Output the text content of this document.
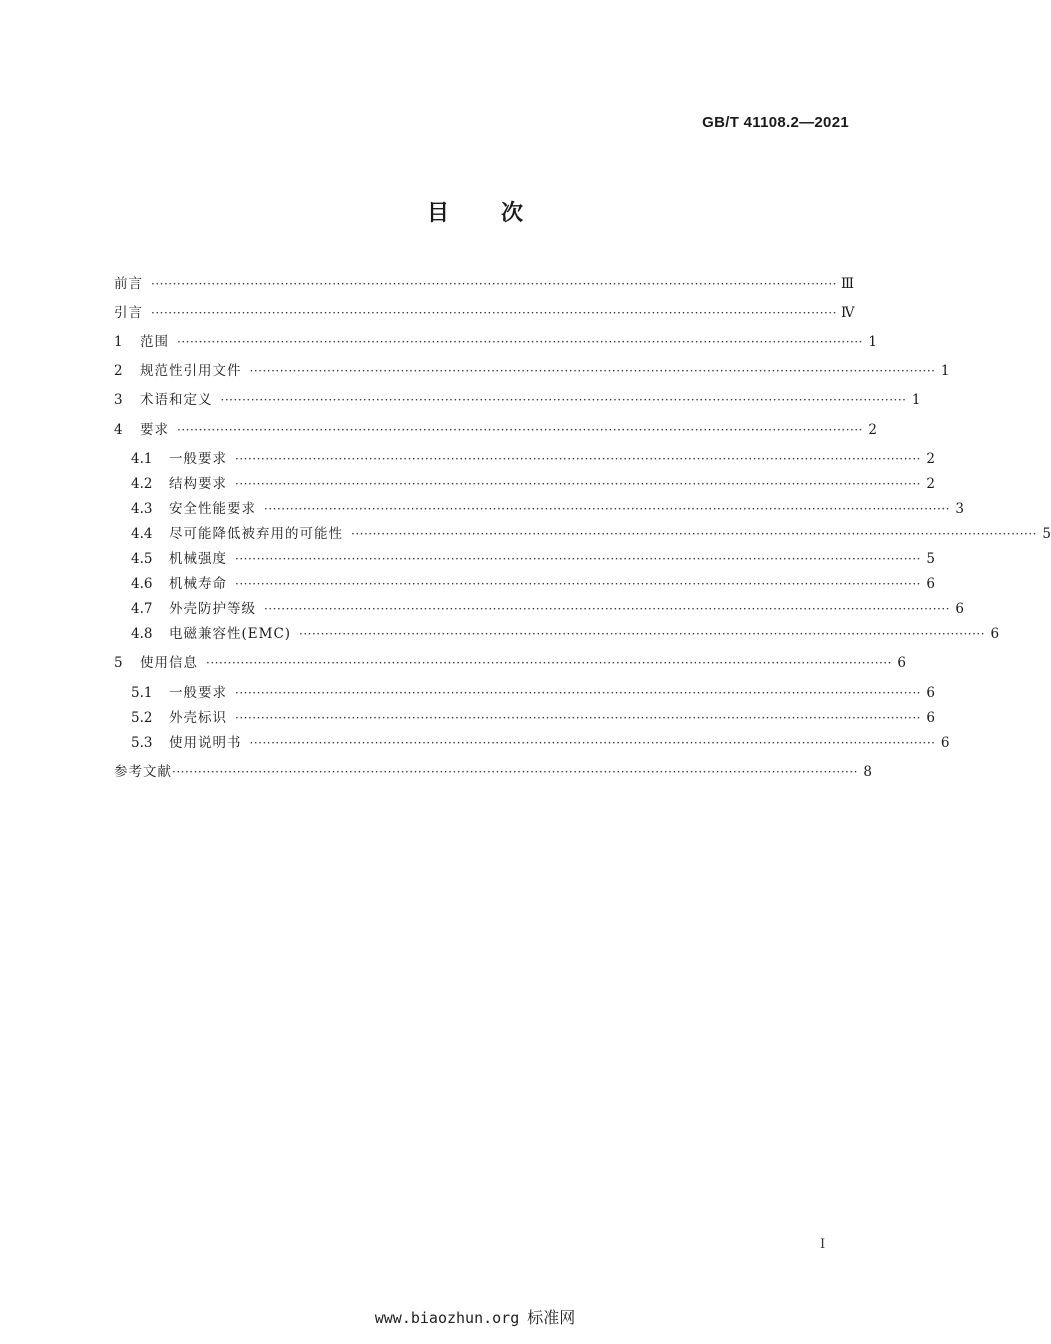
GB/T 41108.2—2021
目次
前言 ······························································································································································· Ⅲ
引言 ······························································································································································· Ⅳ
1	范围 ······························································································································································· 1
2	规范性引用文件 ······························································································································································· 1
3	术语和定义 ······························································································································································· 1
4	要求 ······························································································································································· 2
4.1	一般要求 ······························································································································································· 2
4.2	结构要求 ······························································································································································· 2
4.3	安全性能要求 ······························································································································································· 3
4.4	尽可能降低被弃用的可能性 ······························································································································································· 5
4.5	机械强度 ······························································································································································· 5
4.6	机械寿命 ······························································································································································· 6
4.7	外壳防护等级 ······························································································································································· 6
4.8	电磁兼容性(EMC) ······························································································································································· 6
5	使用信息 ······························································································································································· 6
5.1	一般要求 ······························································································································································· 6
5.2	外壳标识 ······························································································································································· 6
5.3	使用说明书 ······························································································································································· 6
参考文献 ······························································································································································· 8
Ⅰ
www.biaozhun.org 标准网
